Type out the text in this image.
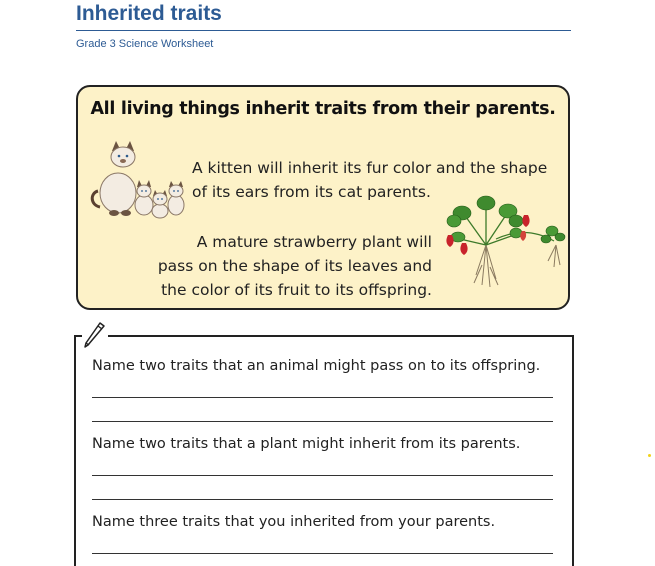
Inherited traits
Grade 3 Science Worksheet
All living things inherit traits from their parents.
A kitten will inherit its fur color and the shape
of its ears from its cat parents.
A mature strawberry plant will
pass on the shape of its leaves and
the color of its fruit to its offspring.
Name two traits that an animal might pass on to its offspring.
Name two traits that a plant might inherit from its parents.
Name three traits that you inherited from your parents.
